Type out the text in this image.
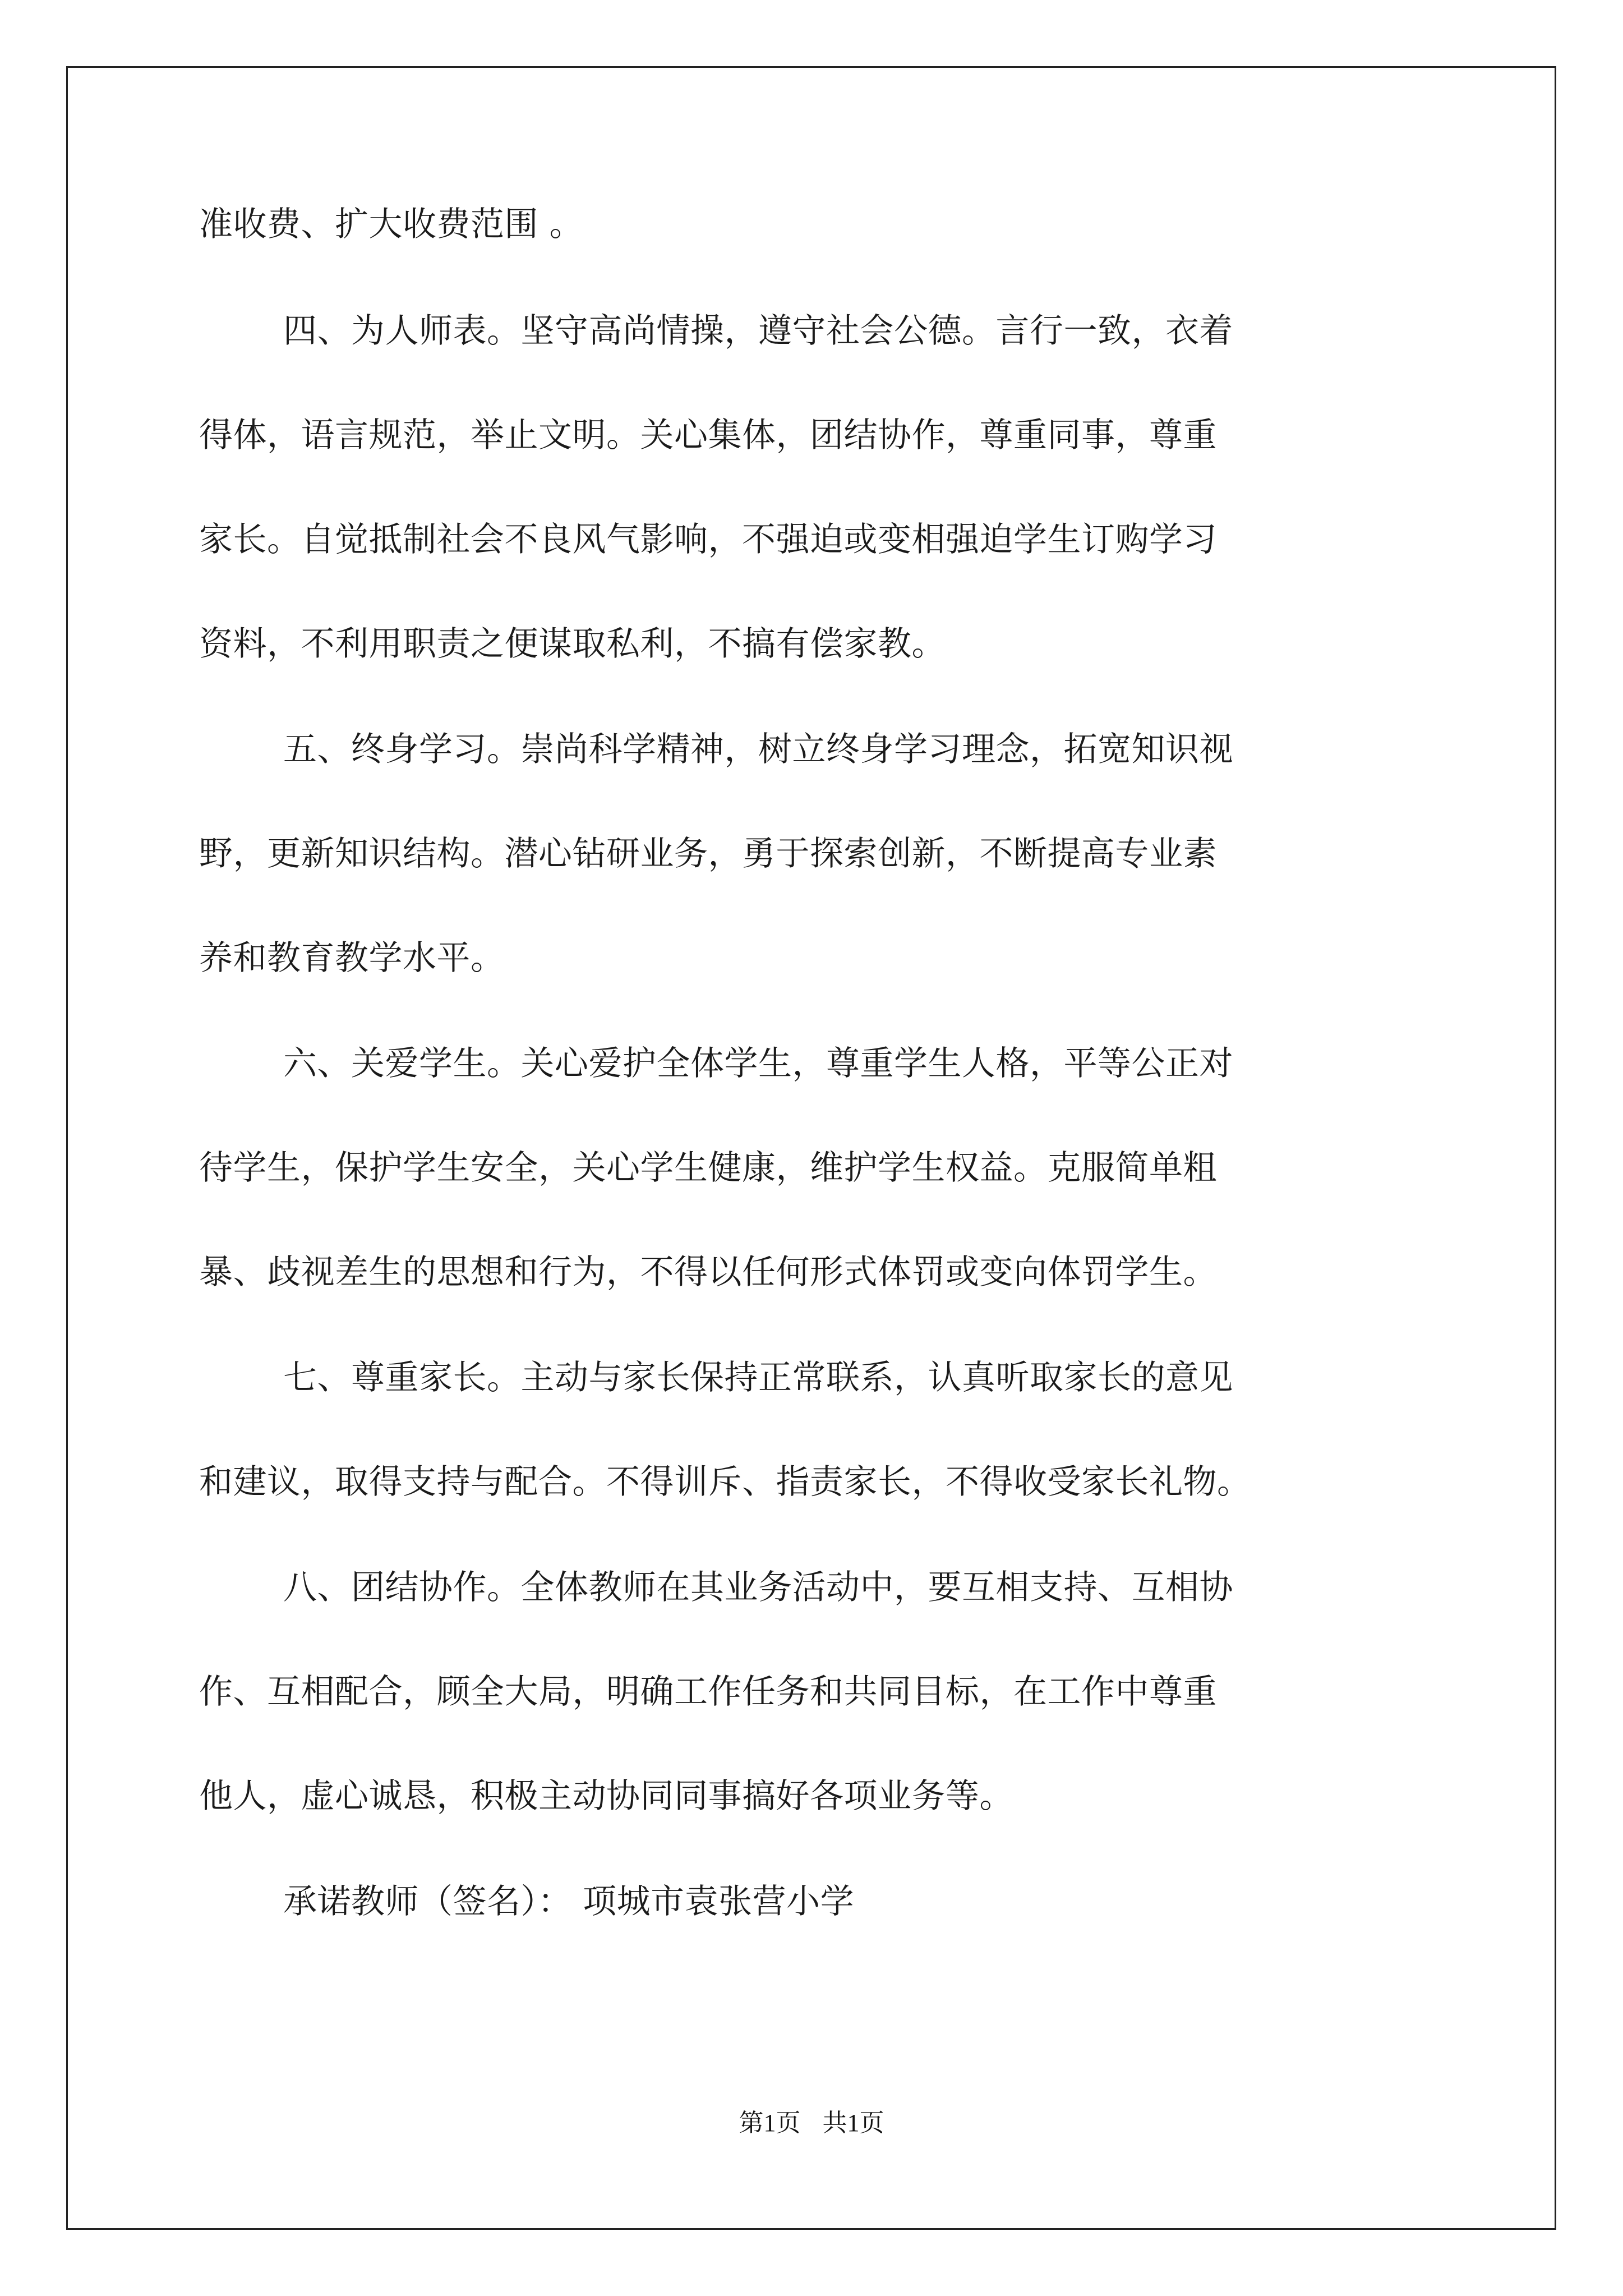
准收费、扩大收费范围 。
四、为人师表。坚守高尚情操，遵守社会公德。言行一致，衣着
得体，语言规范，举止文明。关心集体，团结协作，尊重同事，尊重
家长。自觉抵制社会不良风气影响，不强迫或变相强迫学生订购学习
资料，不利用职责之便谋取私利，不搞有偿家教。
五、终身学习。崇尚科学精神，树立终身学习理念，拓宽知识视
野，更新知识结构。潜心钻研业务，勇于探索创新，不断提高专业素
养和教育教学水平。
六、关爱学生。关心爱护全体学生，尊重学生人格，平等公正对
待学生，保护学生安全，关心学生健康，维护学生权益。克服简单粗
暴、歧视差生的思想和行为，不得以任何形式体罚或变向体罚学生。
七、尊重家长。主动与家长保持正常联系，认真听取家长的意见
和建议，取得支持与配合。不得训斥、指责家长，不得收受家长礼物。
八、团结协作。全体教师在其业务活动中，要互相支持、互相协
作、互相配合，顾全大局，明确工作任务和共同目标，在工作中尊重
他人，虚心诚恳，积极主动协同同事搞好各项业务等。
承诺教师（签名）： 项城市袁张营小学
第1页 共1页
